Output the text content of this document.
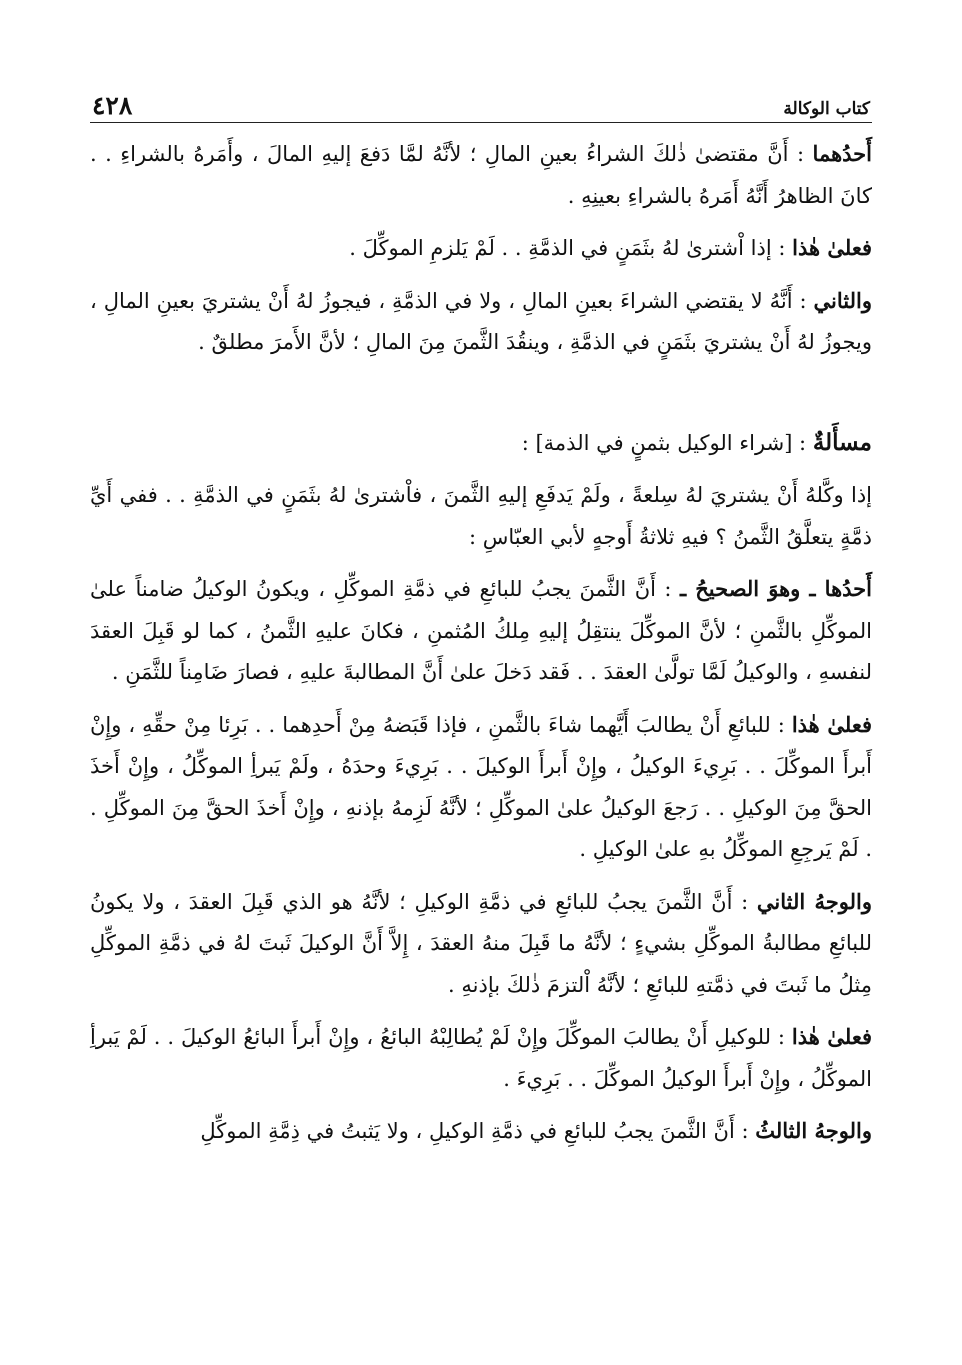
كتاب الوكالة
٤٢٨

أَحدُهما : أَنَّ مقتضىٰ ذٰلكَ الشراءُ بعينِ المالِ ؛ لأنَّهُ لمَّا دَفعَ إليهِ المالَ ، وأَمَرهُ بالشراءِ . . كانَ الظاهرُ أَنَّهُ أَمَرهُ بالشراءِ بعينِهِ .

فعلىٰ هٰذا : إذا اْشترىٰ لهُ بثَمَنٍ في الذمَّةِ . . لَمْ يَلزمِ الموكِّلَ .

والثاني : أَنَّهُ لا يقتضي الشراءَ بعينِ المالِ ، ولا في الذمَّةِ ، فيجوزُ لهُ أَنْ يشتريَ بعينِ المالِ ، ويجوزُ لهُ أَنْ يشتريَ بثَمَنٍ في الذمَّةِ ، وينقُدَ الثَّمنَ مِنَ المالِ ؛ لأنَّ الأَمرَ مطلقٌ .

مسأَلةٌ : [شراء الوكيل بثمنٍ في الذمة] :

إذا وكَّلهُ أَنْ يشتريَ لهُ سِلعةً ، ولَمْ يَدفَعِ إليهِ الثَّمنَ ، فاْشترىٰ لهُ بثَمَنٍ في الذمَّةِ . . ففي أَيِّ ذمَّةٍ يتعلَّقُ الثَّمنُ ؟ فيهِ ثلاثةُ أَوجهٍ لأبي العبّاسِ :

أَحدُها ـ وهوَ الصحيحُ ـ : أَنَّ الثَّمنَ يجبُ للبائعِ في ذمَّةِ الموكِّلِ ، ويكونُ الوكيلُ ضامناً علىٰ الموكِّلِ بالثَّمنِ ؛ لأنَّ الموكِّلَ ينتقِلُ إليهِ مِلكُ المُثمنِ ، فكانَ عليهِ الثَّمنُ ، كما لو قَبِلَ العقدَ لنفسهِ ، والوكيلُ لَمَّا تولَّىٰ العقدَ . . فَقد دَخلَ علىٰ أَنَّ المطالبةَ عليهِ ، فصارَ ضَامِناً للثَّمَنِ .

فعلىٰ هٰذا : للبائعِ أَنْ يطالبَ أَيَّهما شاءَ بالثَّمنِ ، فإذا قَبَضهُ مِنْ أَحدِهما . . بَرِئا مِنْ حقِّهِ ، وإِنْ أَبرأَ الموكِّلَ . . بَرِيءَ الوكيلُ ، وإِنْ أَبرأَ الوكيلَ . . بَرِيءَ وحدَهُ ، ولَمْ يَبرأِ الموكِّلُ ، وإِنْ أَخذَ الحقَّ مِنَ الوكيلِ . . رَجعَ الوكيلُ علىٰ الموكِّلِ ؛ لأنَّهُ لَزِمهُ بإذنهِ ، وإِنْ أَخذَ الحقَّ مِنَ الموكِّلِ . . لَمْ يَرجِعِ الموكِّلُ بهِ علىٰ الوكيلِ .

والوجهُ الثاني : أَنَّ الثَّمنَ يجبُ للبائعِ في ذمَّةِ الوكيلِ ؛ لأنَّهُ هو الذي قَبِلَ العقدَ ، ولا يكونُ للبائعِ مطالبةُ الموكِّلِ بشيءٍ ؛ لأنَّهُ ما قَبِلَ منهُ العقدَ ، إِلاَّ أَنَّ الوكيلَ ثَبتَ لهُ في ذمَّةِ الموكِّلِ مِثلُ ما ثَبتَ في ذمَّتهِ للبائعِ ؛ لأنَّهُ اْلتزمَ ذٰلكَ بإذنهِ .

فعلىٰ هٰذا : للوكيلِ أَنْ يطالبَ الموكِّلَ وإِنْ لَمْ يُطالِبْهُ البائعُ ، وإِنْ أَبرأَ البائعُ الوكيلَ . . لَمْ يَبرأِ الموكِّلُ ، وإِنْ أَبرأَ الوكيلُ الموكِّلَ . . بَرِيءَ .

والوجهُ الثالثُ : أَنَّ الثَّمنَ يجبُ للبائعِ في ذمَّةِ الوكيلِ ، ولا يَثبتُ في ذِمَّةِ الموكِّلِ
